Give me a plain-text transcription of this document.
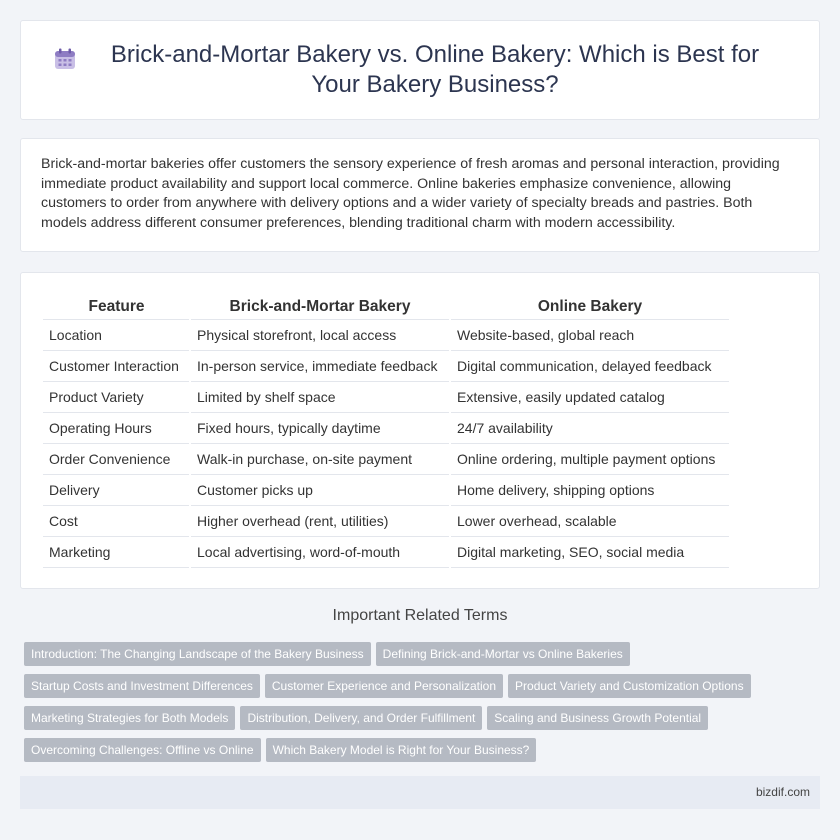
Brick-and-Mortar Bakery vs. Online Bakery: Which is Best for Your Bakery Business?

Brick-and-mortar bakeries offer customers the sensory experience of fresh aromas and personal interaction, providing immediate product availability and support local commerce. Online bakeries emphasize convenience, allowing customers to order from anywhere with delivery options and a wider variety of specialty breads and pastries. Both models address different consumer preferences, blending traditional charm with modern accessibility.

Feature	Brick-and-Mortar Bakery	Online Bakery
Location	Physical storefront, local access	Website-based, global reach
Customer Interaction	In-person service, immediate feedback	Digital communication, delayed feedback
Product Variety	Limited by shelf space	Extensive, easily updated catalog
Operating Hours	Fixed hours, typically daytime	24/7 availability
Order Convenience	Walk-in purchase, on-site payment	Online ordering, multiple payment options
Delivery	Customer picks up	Home delivery, shipping options
Cost	Higher overhead (rent, utilities)	Lower overhead, scalable
Marketing	Local advertising, word-of-mouth	Digital marketing, SEO, social media
Important Related Terms
Introduction: The Changing Landscape of the Bakery Business Defining Brick-and-Mortar vs Online Bakeries
Startup Costs and Investment Differences Customer Experience and Personalization Product Variety and Customization Options
Marketing Strategies for Both Models Distribution, Delivery, and Order Fulfillment Scaling and Business Growth Potential
Overcoming Challenges: Offline vs Online Which Bakery Model is Right for Your Business?
bizdif.com
